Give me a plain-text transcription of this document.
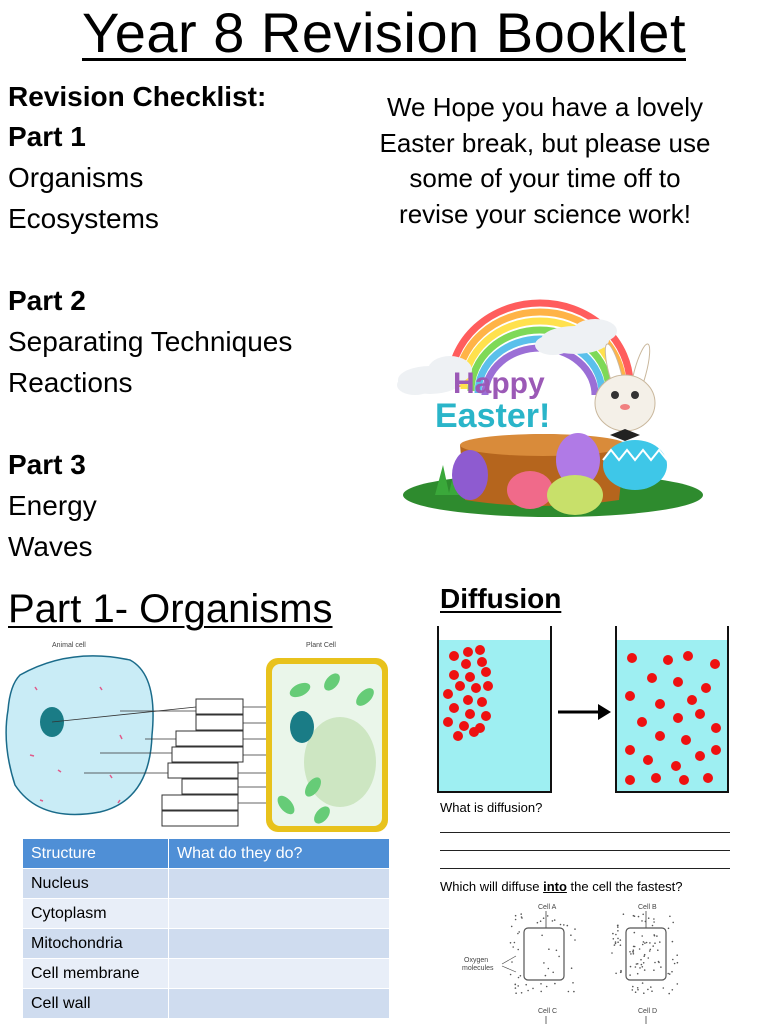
Year 8 Revision Booklet
Revision Checklist:
Part 1
Organisms
Ecosystems
Part 2
Separating Techniques
Reactions
Part 3
Energy
Waves
We Hope you have a lovely Easter break, but please use some of your time off to revise your science work!
Happy
Easter!
Part 1- Organisms
Animal cell	Plant Cell
Structure	What do they do?
Nucleus	
Cytoplasm	
Mitochondria	
Cell membrane	
Cell wall	
Diffusion
What is diffusion?
Which will diffuse into the cell the fastest?
Cell A	Cell B
Oxygen
molecules
Cell C	Cell D
